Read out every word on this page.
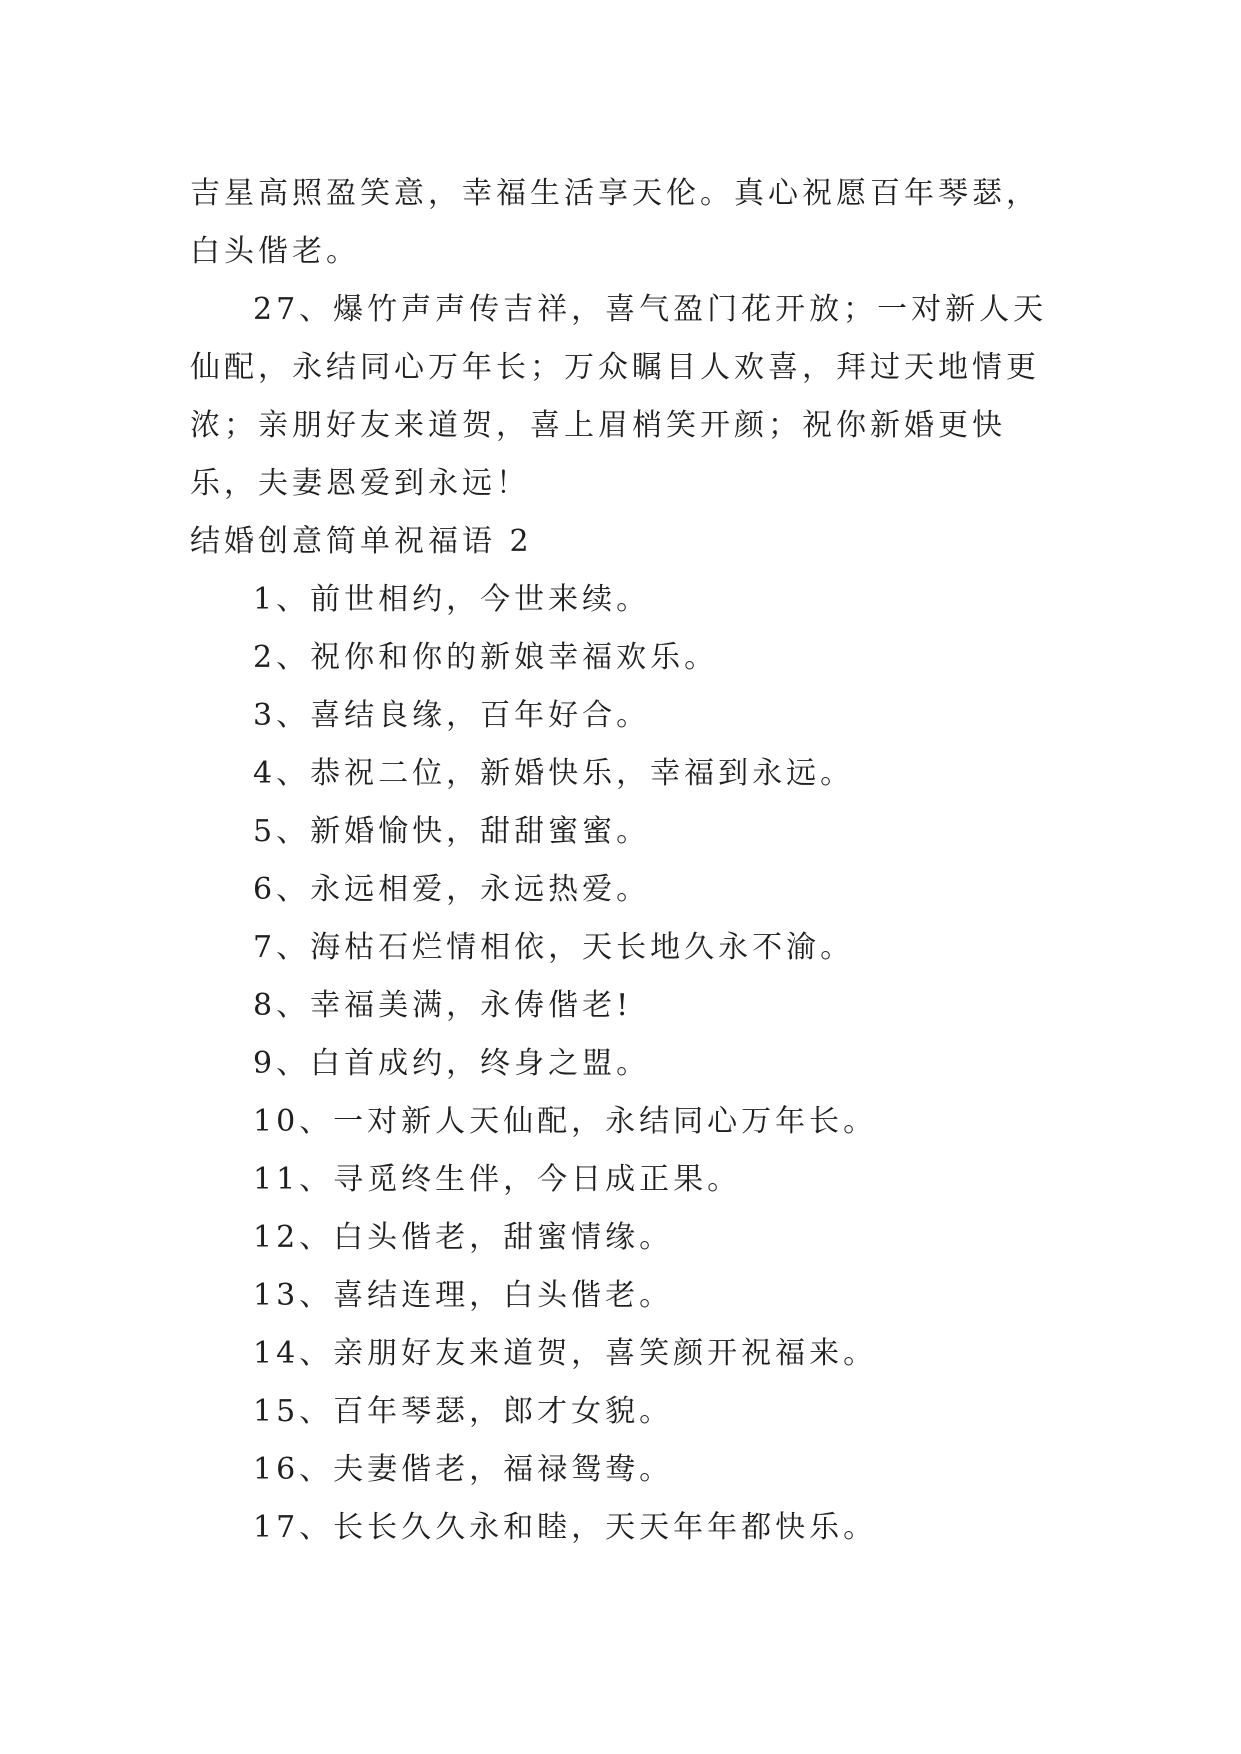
吉星高照盈笑意，幸福生活享天伦。真心祝愿百年琴瑟，白头偕老。

27、爆竹声声传吉祥，喜气盈门花开放；一对新人天仙配，永结同心万年长；万众瞩目人欢喜，拜过天地情更浓；亲朋好友来道贺，喜上眉梢笑开颜；祝你新婚更快乐，夫妻恩爱到永远！

结婚创意简单祝福语 2

1、前世相约，今世来续。

2、祝你和你的新娘幸福欢乐。

3、喜结良缘，百年好合。

4、恭祝二位，新婚快乐，幸福到永远。

5、新婚愉快，甜甜蜜蜜。

6、永远相爱，永远热爱。

7、海枯石烂情相依，天长地久永不渝。

8、幸福美满，永俦偕老!

9、白首成约，终身之盟。

10、一对新人天仙配，永结同心万年长。

11、寻觅终生伴，今日成正果。

12、白头偕老，甜蜜情缘。

13、喜结连理，白头偕老。

14、亲朋好友来道贺，喜笑颜开祝福来。

15、百年琴瑟，郎才女貌。

16、夫妻偕老，福禄鸳鸯。

17、长长久久永和睦，天天年年都快乐。
